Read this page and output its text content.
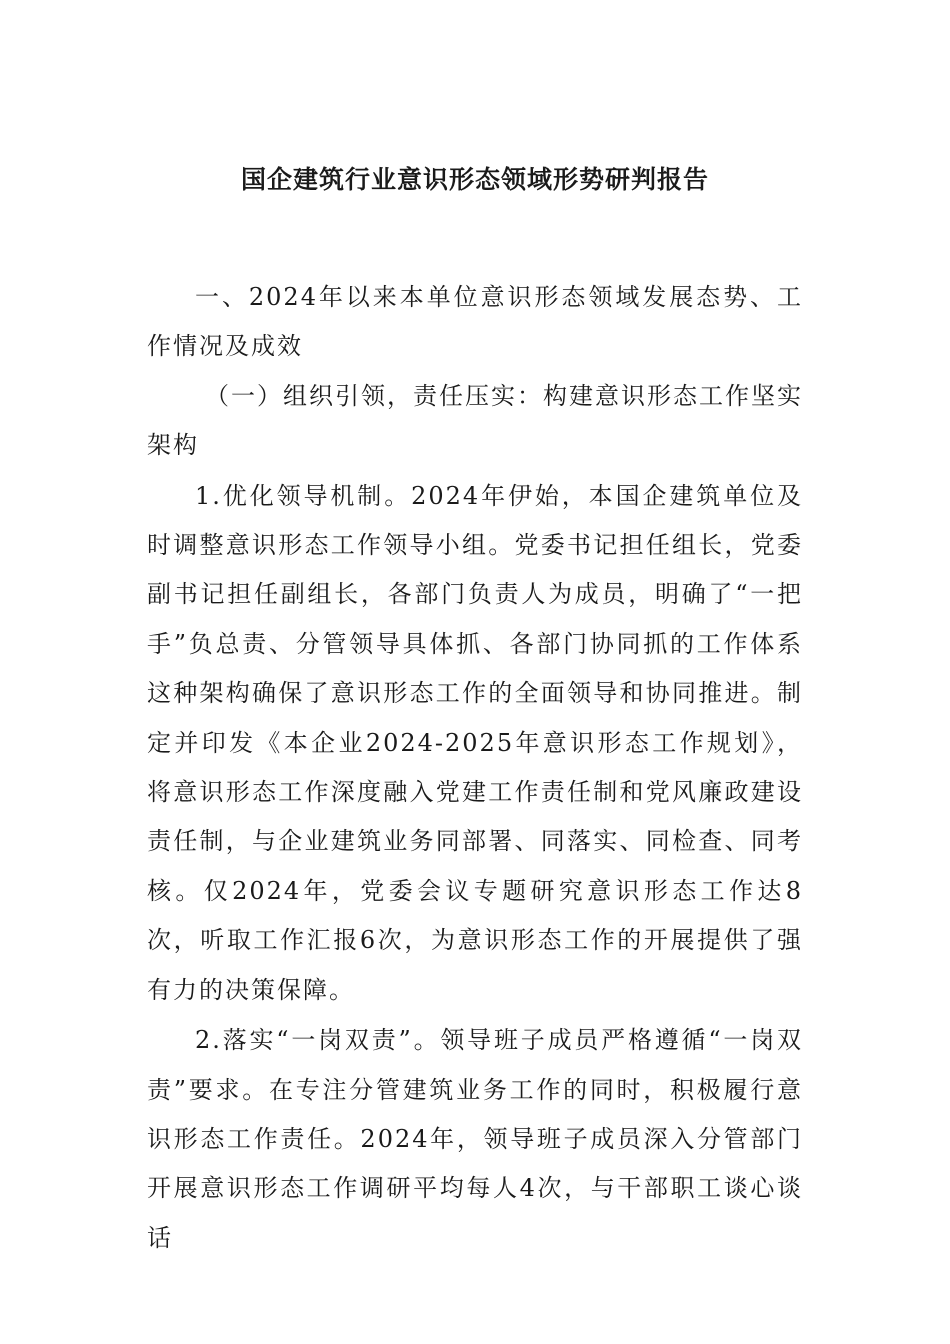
国企建筑行业意识形态领域形势研判报告

一、2024年以来本单位意识形态领域发展态势、工作情况及成效

（一）组织引领，责任压实：构建意识形态工作坚实架构

1.优化领导机制。2024年伊始，本国企建筑单位及时调整意识形态工作领导小组。党委书记担任组长，党委副书记担任副组长，各部门负责人为成员，明确了“一把手”负总责、分管领导具体抓、各部门协同抓的工作体系这种架构确保了意识形态工作的全面领导和协同推进。制定并印发《本企业2024-2025年意识形态工作规划》，将意识形态工作深度融入党建工作责任制和党风廉政建设责任制，与企业建筑业务同部署、同落实、同检查、同考核。仅2024年，党委会议专题研究意识形态工作达8次，听取工作汇报6次，为意识形态工作的开展提供了强有力的决策保障。

2.落实“一岗双责”。领导班子成员严格遵循“一岗双责”要求。在专注分管建筑业务工作的同时，积极履行意识形态工作责任。2024年，领导班子成员深入分管部门开展意识形态工作调研平均每人4次，与干部职工谈心谈话
